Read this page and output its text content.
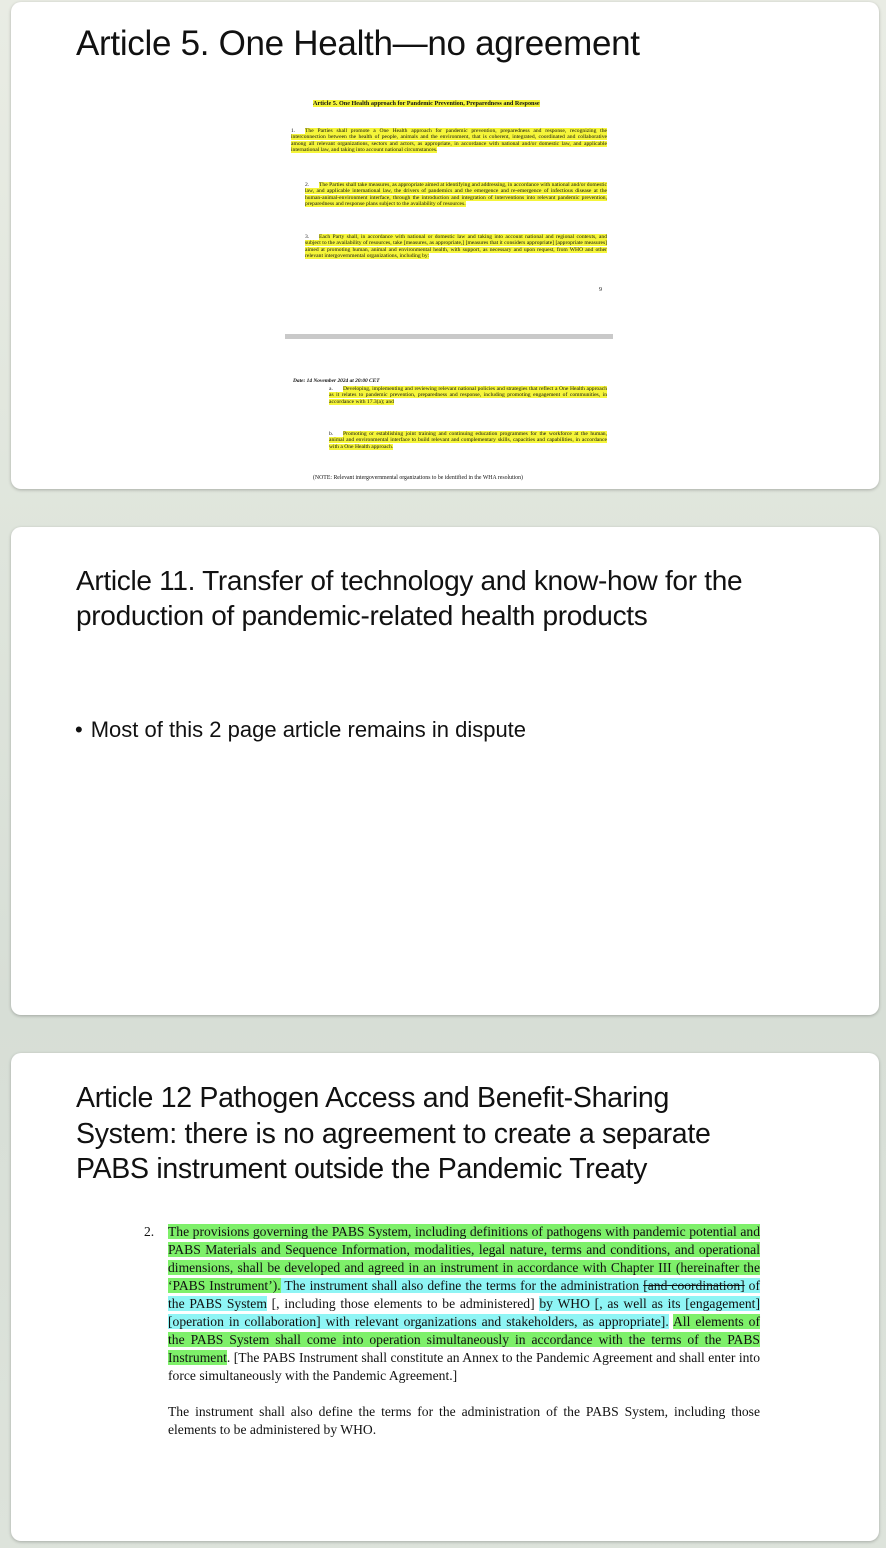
Article 5. One Health—no agreement
Article 5. One Health approach for Pandemic Prevention, Preparedness and Response
1. The Parties shall promote a One Health approach for pandemic prevention, preparedness and response, recognizing the interconnection between the health of people, animals and the environment, that is coherent, integrated, coordinated and collaborative among all relevant organizations, sectors and actors, as appropriate, in accordance with national and/or domestic law, and applicable international law, and taking into account national circumstances.
2. The Parties shall take measures, as appropriate aimed at identifying and addressing, in accordance with national and/or domestic law, and applicable international law, the drivers of pandemics and the emergence and re-emergence of infectious disease at the human-animal-environment interface, through the introduction and integration of interventions into relevant pandemic prevention, preparedness and response plans subject to the availability of resources.
3. Each Party shall, in accordance with national or domestic law and taking into account national and regional contexts, and subject to the availability of resources, take [measures, as appropriate,] [measures that it considers appropriate] [appropriate measures] aimed at promoting human, animal and environmental health, with support, as necessary and upon request, from WHO and other relevant intergovernmental organizations, including by:
9
Date: 14 November 2024 at 20:00 CET
a. Developing, implementing and reviewing relevant national policies and strategies that reflect a One Health approach as it relates to pandemic prevention, preparedness and response, including promoting engagement of communities, in accordance with 17.3(a); and
b. Promoting or establishing joint training and continuing education programmes for the workforce at the human, animal and environmental interface to build relevant and complementary skills, capacities and capabilities, in accordance with a One Health approach.
(NOTE: Relevant intergovernmental organizations to be identified in the WHA resolution)
Article 11. Transfer of technology and know-how for the production of pandemic-related health products
• Most of this 2 page article remains in dispute
Article 12 Pathogen Access and Benefit-Sharing System: there is no agreement to create a separate PABS instrument outside the Pandemic Treaty
2. The provisions governing the PABS System, including definitions of pathogens with pandemic potential and PABS Materials and Sequence Information, modalities, legal nature, terms and conditions, and operational dimensions, shall be developed and agreed in an instrument in accordance with Chapter III (hereinafter the ‘PABS Instrument’). The instrument shall also define the terms for the administration [and coordination] of the PABS System [, including those elements to be administered] by WHO [, as well as its [engagement][operation in collaboration] with relevant organizations and stakeholders, as appropriate]. All elements of the PABS System shall come into operation simultaneously in accordance with the terms of the PABS Instrument. [The PABS Instrument shall constitute an Annex to the Pandemic Agreement and shall enter into force simultaneously with the Pandemic Agreement.]
The instrument shall also define the terms for the administration of the PABS System, including those elements to be administered by WHO.
